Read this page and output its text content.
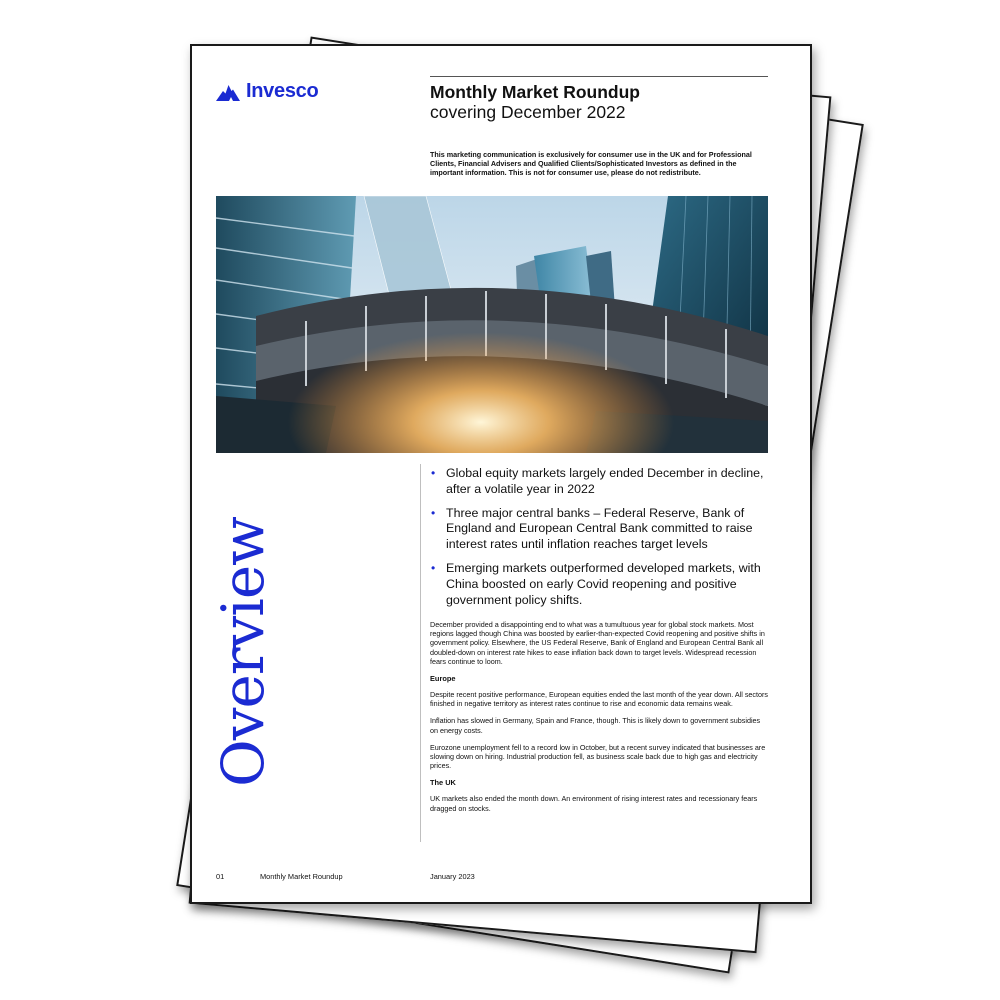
Invesco	Monthly Market Roundup
covering December 2022
This marketing communication is exclusively for consumer use in the UK and for Professional Clients, Financial Advisers and Qualified Clients/Sophisticated Investors as defined in the important information. This is not for consumer use, please do not redistribute.
Overview
• Global equity markets largely ended December in decline, after a volatile year in 2022
• Three major central banks – Federal Reserve, Bank of England and European Central Bank committed to raise interest rates until inflation reaches target levels
• Emerging markets outperformed developed markets, with China boosted on early Covid reopening and positive government policy shifts.

December provided a disappointing end to what was a tumultuous year for global stock markets. Most regions lagged though China was boosted by earlier-than-expected Covid reopening and positive shifts in government policy. Elsewhere, the US Federal Reserve, Bank of England and European Central Bank all doubled-down on interest rate hikes to ease inflation back down to target levels. Widespread recession fears continue to loom.

Europe

Despite recent positive performance, European equities ended the last month of the year down. All sectors finished in negative territory as interest rates continue to rise and economic data remains weak.

Inflation has slowed in Germany, Spain and France, though. This is likely down to government subsidies on energy costs.

Eurozone unemployment fell to a record low in October, but a recent survey indicated that businesses are slowing down on hiring. Industrial production fell, as business scale back due to high gas and electricity prices.

The UK

UK markets also ended the month down. An environment of rising interest rates and recessionary fears dragged on stocks.

01	Monthly Market Roundup	January 2023
